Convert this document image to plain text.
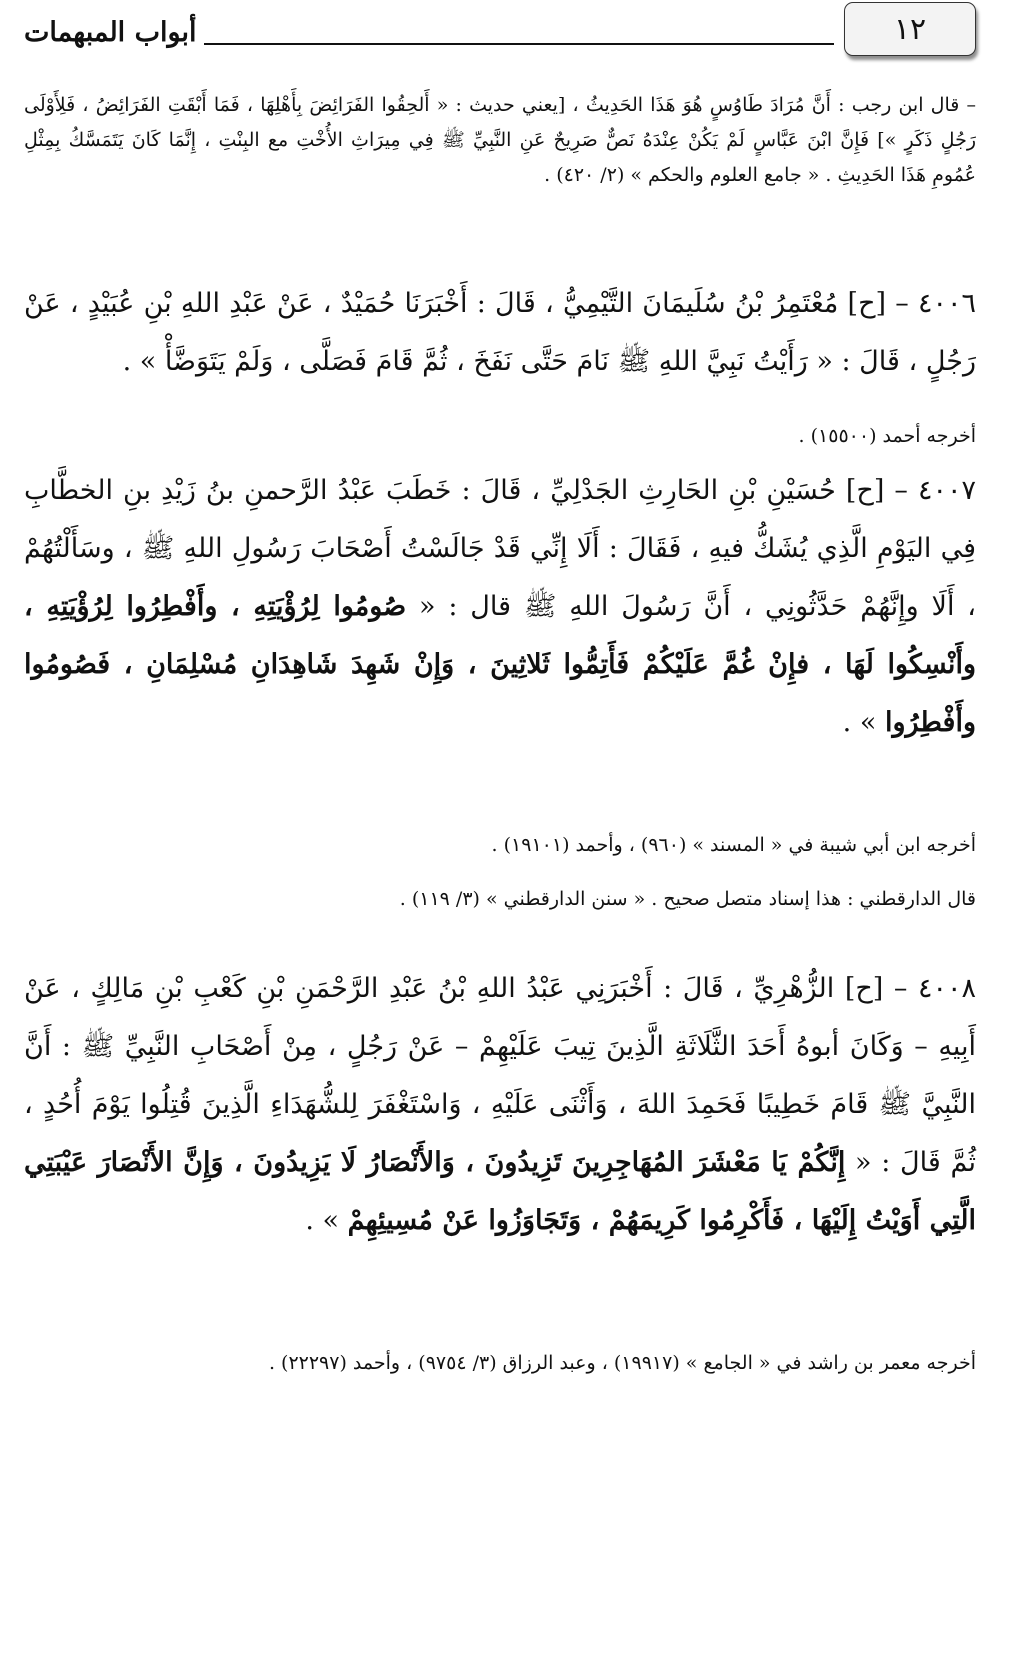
١٢
أبواب المبهمات
– قال ابن رجب : أَنَّ مُرَادَ طَاوُسٍ هُوَ هَذَا الحَدِيثُ ، [يعني حديث : « أَلحِقُوا الفَرَائِضَ بِأَهْلِهَا ، فَمَا أَبْقَتِ الفَرَائِضُ ، فَلِأَوْلَى رَجُلٍ ذَكَرٍ »] فَإِنَّ ابْنَ عَبَّاسٍ لَمْ يَكُنْ عِنْدَهُ نَصٌّ صَرِيحٌ عَنِ النَّبِيِّ ﷺ فِي مِيرَاثِ الأُخْتِ مع البِنْتِ ، إِنَّمَا كَانَ يَتَمَسَّكُ بِمِثْلِ عُمُومِ هَذَا الحَدِيثِ . « جامع العلوم والحكم » (٢/ ٤٢٠) .
٤٠٠٦ – [ح] مُعْتَمِرُ بْنُ سُلَيمَانَ التَّيْمِيُّ ، قَالَ : أَخْبَرَنَا حُمَيْدٌ ، عَنْ عَبْدِ اللهِ بْنِ عُبَيْدٍ ، عَنْ رَجُلٍ ، قَالَ : « رَأَيْتُ نَبِيَّ اللهِ ﷺ نَامَ حَتَّى نَفَخَ ، ثُمَّ قَامَ فَصَلَّى ، وَلَمْ يَتَوَضَّأْ » .
أخرجه أحمد (١٥٥٠٠) .
٤٠٠٧ – [ح] حُسَيْنِ بْنِ الحَارِثِ الجَدْلِيِّ ، قَالَ : خَطَبَ عَبْدُ الرَّحمنِ بنُ زَيْدِ بنِ الخطَّابِ فِي اليَوْمِ الَّذِي يُشَكُّ فيهِ ، فَقَالَ : أَلَا إِنِّي قَدْ جَالَسْتُ أَصْحَابَ رَسُولِ اللهِ ﷺ ، وسَأَلْتُهُمْ ، أَلَا وإِنَّهُمْ حَدَّثُونِي ، أَنَّ رَسُولَ اللهِ ﷺ قال : « صُومُوا لِرُؤْيَتِهِ ، وأَفْطِرُوا لِرُؤْيَتِهِ ، وأَنْسِكُوا لَهَا ، فإِنْ غُمَّ عَلَيْكُمْ فَأَتِمُّوا ثَلاثِينَ ، وَإِنْ شَهِدَ شَاهِدَانِ مُسْلِمَانِ ، فَصُومُوا وأَفْطِرُوا » .
أخرجه ابن أبي شيبة في « المسند » (٩٦٠) ، وأحمد (١٩١٠١) .
قال الدارقطني : هذا إسناد متصل صحيح . « سنن الدارقطني » (٣/ ١١٩) .
٤٠٠٨ – [ح] الزُّهْرِيِّ ، قَالَ : أَخْبَرَنِي عَبْدُ اللهِ بْنُ عَبْدِ الرَّحْمَنِ بْنِ كَعْبِ بْنِ مَالِكٍ ، عَنْ أَبِيهِ – وَكَانَ أبوهُ أَحَدَ الثَّلَاثَةِ الَّذِينَ تِيبَ عَلَيْهِمْ – عَنْ رَجُلٍ ، مِنْ أَصْحَابِ النَّبِيِّ ﷺ : أَنَّ النَّبِيَّ ﷺ قَامَ خَطِيبًا فَحَمِدَ اللهَ ، وَأَثْنَى عَلَيْهِ ، وَاسْتَغْفَرَ لِلشُّهَدَاءِ الَّذِينَ قُتِلُوا يَوْمَ أُحُدٍ ، ثُمَّ قَالَ : « إِنَّكُمْ يَا مَعْشَرَ المُهَاجِرِينَ تَزِيدُونَ ، وَالأَنْصَارُ لَا يَزِيدُونَ ، وَإِنَّ الأَنْصَارَ عَيْبَتِي الَّتِي أَوَيْتُ إِلَيْهَا ، فَأَكْرِمُوا كَرِيمَهُمْ ، وَتَجَاوَزُوا عَنْ مُسِيئِهِمْ » .
أخرجه معمر بن راشد في « الجامع » (١٩٩١٧) ، وعبد الرزاق (٣/ ٩٧٥٤) ، وأحمد (٢٢٢٩٧) .
